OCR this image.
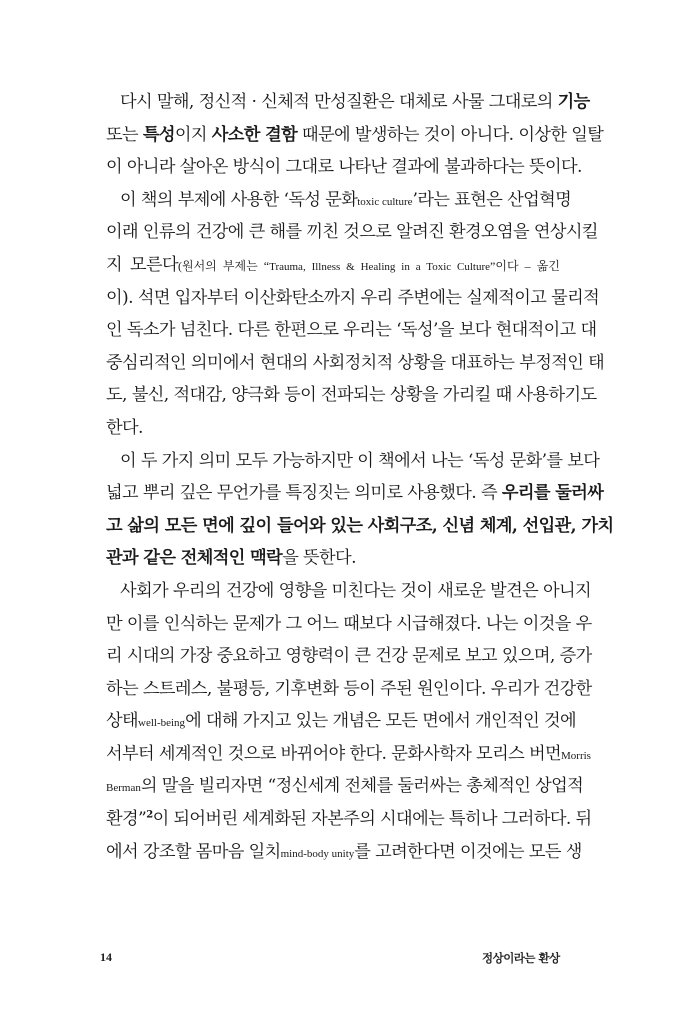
다시 말해, 정신적 · 신체적 만성질환은 대체로 사물 그대로의 기능
또는 특성이지 사소한 결함 때문에 발생하는 것이 아니다. 이상한 일탈
이 아니라 살아온 방식이 그대로 나타난 결과에 불과하다는 뜻이다.
이 책의 부제에 사용한 ‘독성 문화toxic culture’라는 표현은 산업혁명
이래 인류의 건강에 큰 해를 끼친 것으로 알려진 환경오염을 연상시킬
지 모른다(원서의 부제는 “Trauma, Illness & Healing in a Toxic Culture”이다 – 옮긴
이). 석면 입자부터 이산화탄소까지 우리 주변에는 실제적이고 물리적
인 독소가 넘친다. 다른 한편으로 우리는 ‘독성’을 보다 현대적이고 대
중심리적인 의미에서 현대의 사회정치적 상황을 대표하는 부정적인 태
도, 불신, 적대감, 양극화 등이 전파되는 상황을 가리킬 때 사용하기도
한다.
이 두 가지 의미 모두 가능하지만 이 책에서 나는 ‘독성 문화’를 보다
넓고 뿌리 깊은 무언가를 특징짓는 의미로 사용했다. 즉 우리를 둘러싸
고 삶의 모든 면에 깊이 들어와 있는 사회구조, 신념 체계, 선입관, 가치
관과 같은 전체적인 맥락을 뜻한다.
사회가 우리의 건강에 영향을 미친다는 것이 새로운 발견은 아니지
만 이를 인식하는 문제가 그 어느 때보다 시급해졌다. 나는 이것을 우
리 시대의 가장 중요하고 영향력이 큰 건강 문제로 보고 있으며, 증가
하는 스트레스, 불평등, 기후변화 등이 주된 원인이다. 우리가 건강한
상태well-being에 대해 가지고 있는 개념은 모든 면에서 개인적인 것에
서부터 세계적인 것으로 바뀌어야 한다. 문화사학자 모리스 버먼Morris
Berman의 말을 빌리자면 “정신세계 전체를 둘러싸는 총체적인 상업적
환경”$^2$이 되어버린 세계화된 자본주의 시대에는 특히나 그러하다. 뒤
에서 강조할 몸마음 일치mind-body unity를 고려한다면 이것에는 모든 생
14	정상이라는 환상
